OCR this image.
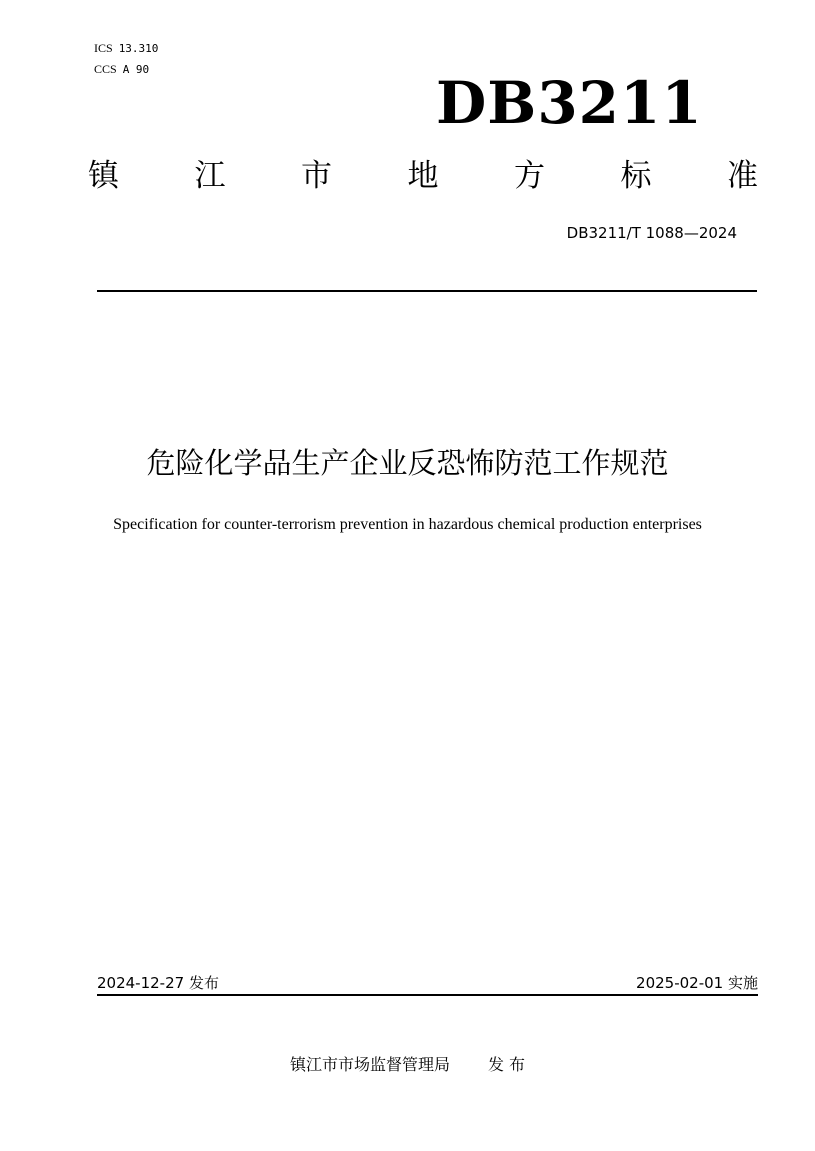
ICS 13.310
CCS A 90	DB3211
镇 江 市 地 方 标 准
DB3211/T 1088—2024
危险化学品生产企业反恐怖防范工作规范
Specification for counter-terrorism prevention in hazardous chemical production enterprises
2024-12-27 发布	2025-02-01 实施
镇江市市场监督管理局 发 布
